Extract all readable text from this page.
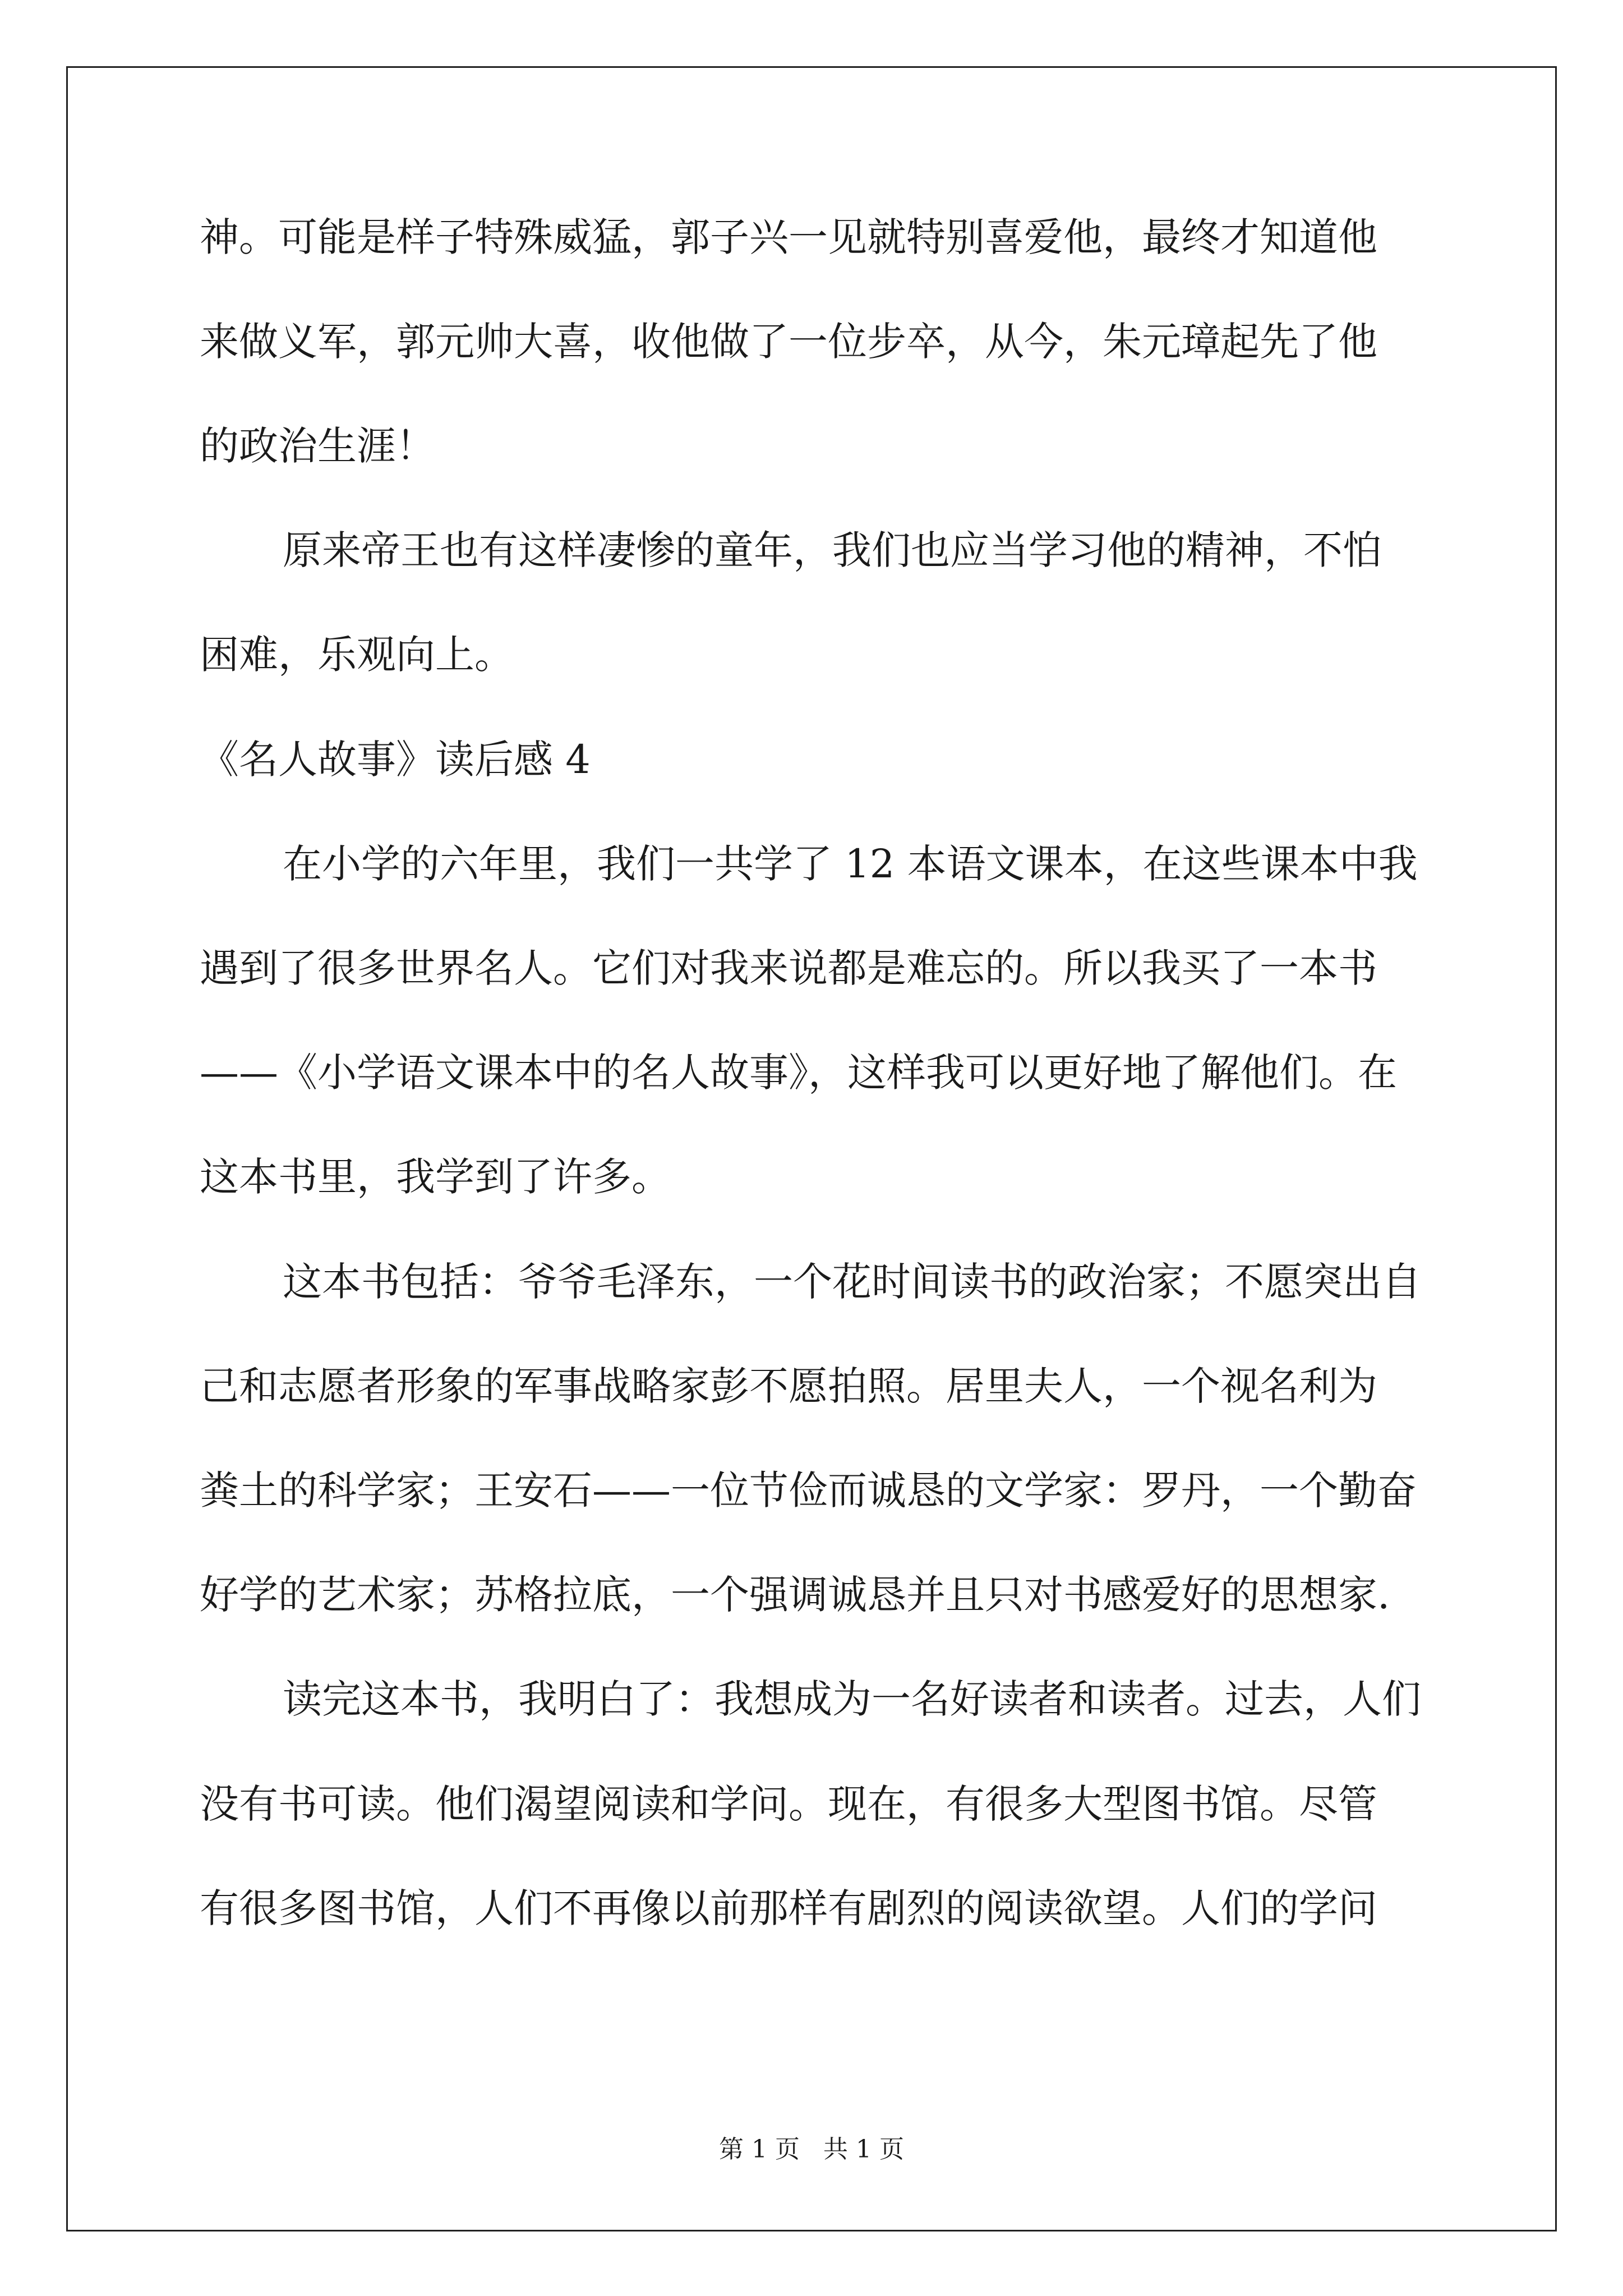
神。可能是样子特殊威猛，郭子兴一见就特别喜爱他，最终才知道他
来做义军，郭元帅大喜，收他做了一位步卒，从今，朱元璋起先了他
的政治生涯！
原来帝王也有这样凄惨的童年，我们也应当学习他的精神，不怕
困难，乐观向上。
《名人故事》读后感 4
在小学的六年里，我们一共学了 12 本语文课本，在这些课本中我
遇到了很多世界名人。它们对我来说都是难忘的。所以我买了一本书
——《小学语文课本中的名人故事》，这样我可以更好地了解他们。在
这本书里，我学到了许多。
这本书包括：爷爷毛泽东，一个花时间读书的政治家；不愿突出自
己和志愿者形象的军事战略家彭不愿拍照。居里夫人，一个视名利为
粪土的科学家；王安石——一位节俭而诚恳的文学家：罗丹，一个勤奋
好学的艺术家；苏格拉底，一个强调诚恳并且只对书感爱好的思想家.
读完这本书，我明白了：我想成为一名好读者和读者。过去，人们
没有书可读。他们渴望阅读和学问。现在，有很多大型图书馆。尽管
有很多图书馆，人们不再像以前那样有剧烈的阅读欲望。人们的学问
第 1 页   共 1 页
